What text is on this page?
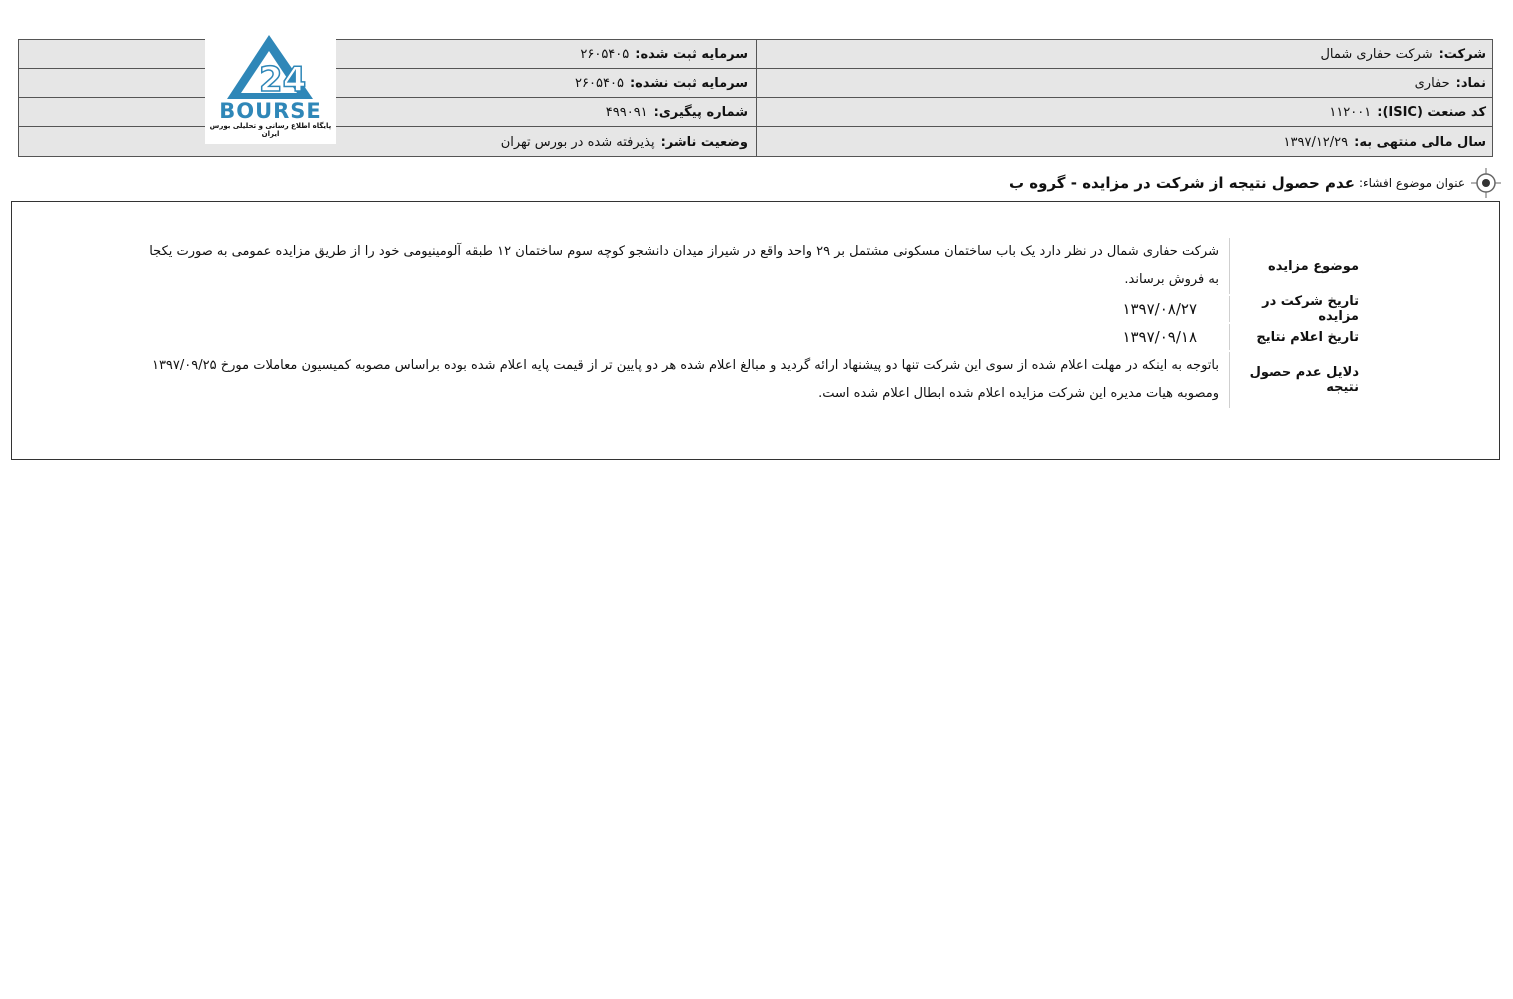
شرکت:
شرکت حفاری شمال
سرمایه ثبت شده:
۲۶۰۵۴۰۵
نماد:
حفاری
سرمایه ثبت نشده:
۲۶۰۵۴۰۵
کد صنعت (ISIC):
۱۱۲۰۰۱
شماره پیگیری:
۴۹۹۰۹۱
سال مالی منتهی به:
۱۳۹۷/۱۲/۲۹
وضعیت ناشر:
پذیرفته شده در بورس تهران
24
BOURSE
پایگاه اطلاع رسانی و تحلیلی بورس ایران
عنوان موضوع افشاء:
عدم حصول نتیجه از شرکت در مزایده - گروه ب
موضوع مزایده
شرکت حفاری شمال در نظر دارد یک باب ساختمان مسکونی مشتمل بر ۲۹ واحد واقع در شیراز میدان دانشجو کوچه سوم ساختمان ۱۲ طبقه آلومینیومی خود را از طریق مزایده عمومی به صورت یکجا به فروش برساند.
تاریخ شرکت در مزایده
۱۳۹۷/۰۸/۲۷
تاریخ اعلام نتایج
۱۳۹۷/۰۹/۱۸
دلایل عدم حصول نتیجه
باتوجه به اینکه در مهلت اعلام شده از سوی این شرکت تنها دو پیشنهاد ارائه گردید و مبالغ اعلام شده هر دو پایین تر از قیمت پایه اعلام شده بوده براساس مصوبه کمیسیون معاملات مورخ ۱۳۹۷/۰۹/۲۵ ومصوبه هیات مدیره این شرکت مزایده اعلام شده ابطال اعلام شده است.
